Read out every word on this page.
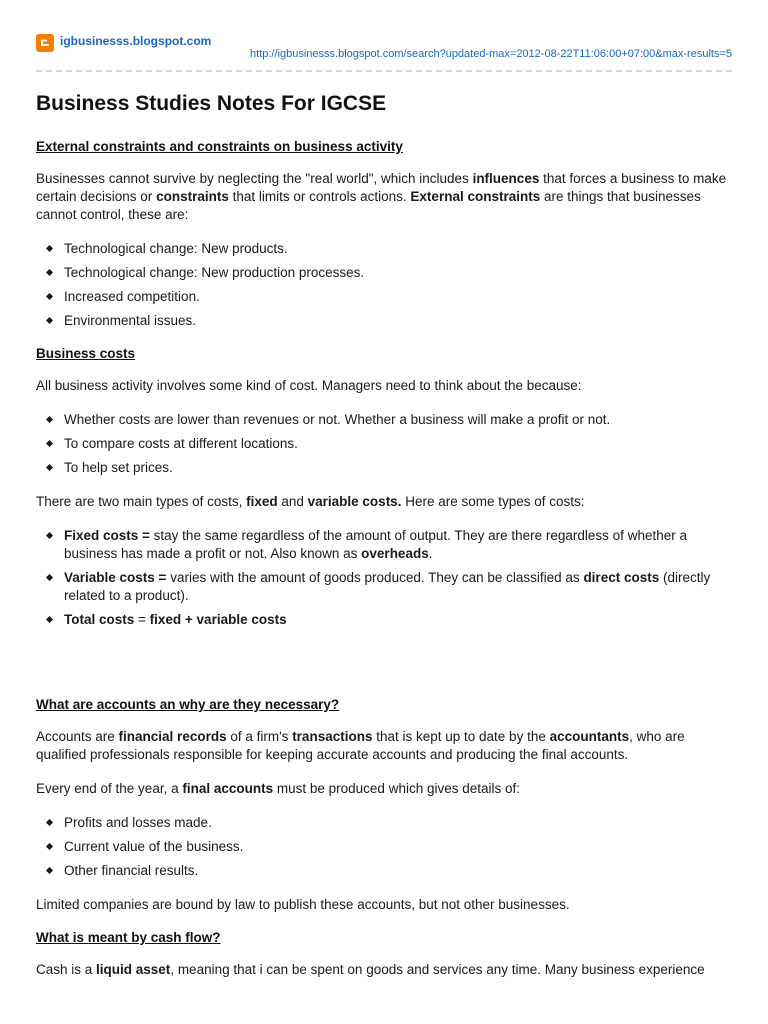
igbusinesss.blogspot.com
http://igbusinesss.blogspot.com/search?updated-max=2012-08-22T11:06:00+07:00&max-results=5
Business Studies Notes For IGCSE
External constraints and constraints on business activity

Businesses cannot survive by neglecting the "real world", which includes influences that forces a business to make certain decisions or constraints that limits or controls actions. External constraints are things that businesses cannot control, these are:

Technological change: New products.
Technological change: New production processes.
Increased competition.
Environmental issues.
Business costs

All business activity involves some kind of cost. Managers need to think about the because:

Whether costs are lower than revenues or not. Whether a business will make a profit or not.
To compare costs at different locations.
To help set prices.

There are two main types of costs, fixed and variable costs. Here are some types of costs:

Fixed costs = stay the same regardless of the amount of output. They are there regardless of whether a business has made a profit or not. Also known as overheads.
Variable costs = varies with the amount of goods produced. They can be classified as direct costs (directly related to a product).
Total costs = fixed + variable costs
What are accounts an why are they necessary?

Accounts are financial records of a firm's transactions that is kept up to date by the accountants, who are qualified professionals responsible for keeping accurate accounts and producing the final accounts.

Every end of the year, a final accounts must be produced which gives details of:

Profits and losses made.
Current value of the business.
Other financial results.

Limited companies are bound by law to publish these accounts, but not other businesses.

What is meant by cash flow?

Cash is a liquid asset, meaning that i can be spent on goods and services any time. Many business experience
